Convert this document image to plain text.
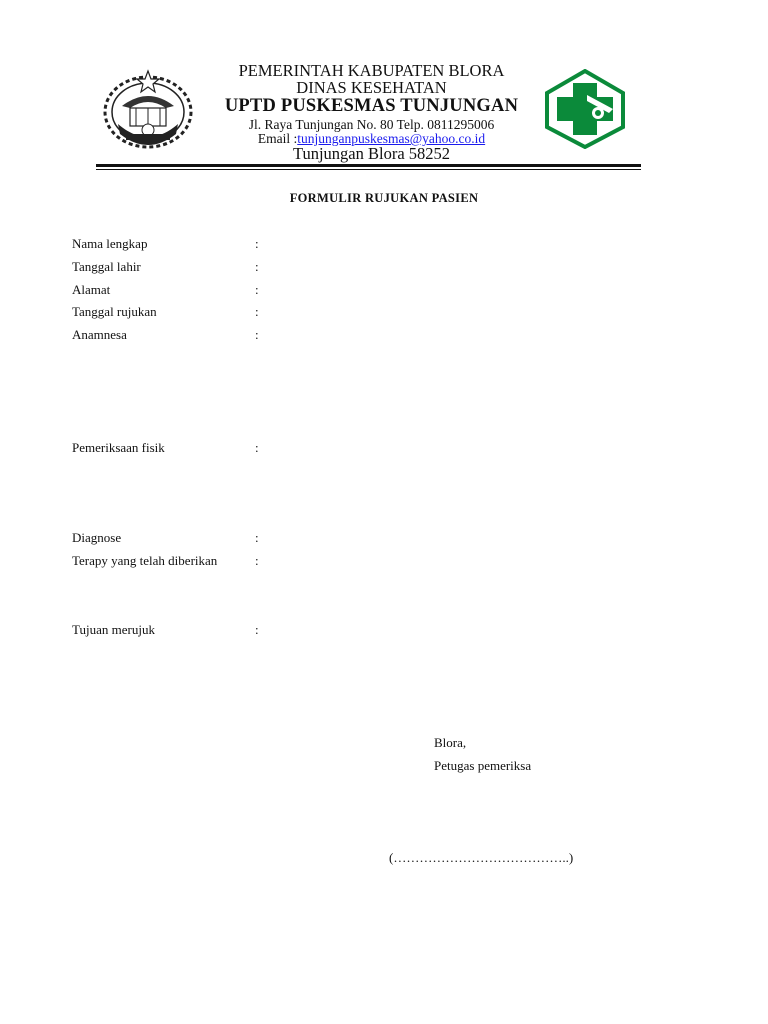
PEMERINTAH KABUPATEN BLORA
DINAS KESEHATAN
UPTD PUSKESMAS TUNJUNGAN
Jl. Raya Tunjungan No. 80 Telp. 0811295006
Email :tunjunganpuskesmas@yahoo.co.id
Tunjungan Blora 58252
FORMULIR RUJUKAN PASIEN
Nama lengkap	:
Tanggal lahir	:
Alamat	:
Tanggal rujukan	:
Anamnesa	:
Pemeriksaan fisik	:
Diagnose	:
Terapy yang telah diberikan	:
Tujuan merujuk	:
Blora,
Petugas pemeriksa
(…………………………………..)
